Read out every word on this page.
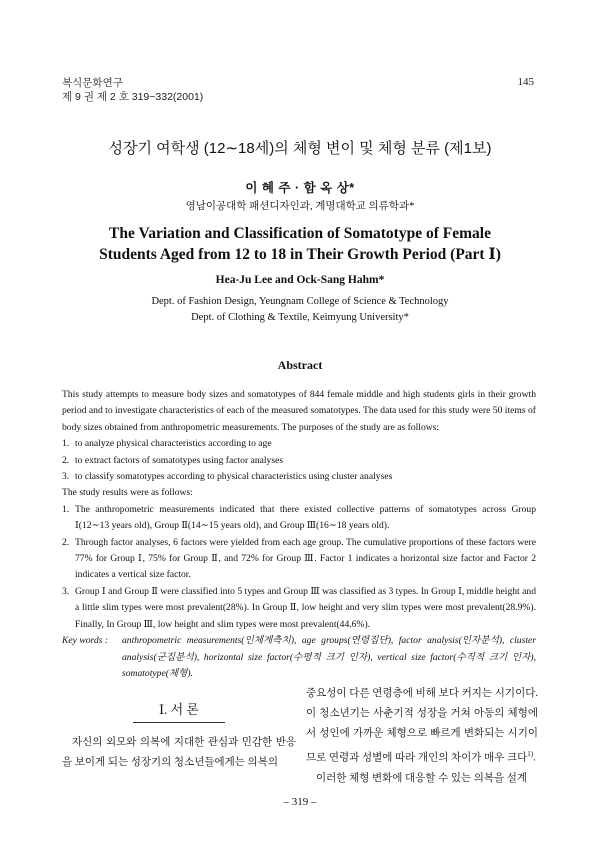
복식문화연구
제 9 권 제 2 호 319~332(2001)
145
성장기 여학생 (12∼18세)의 체형 변이 및 체형 분류 (제1보)
이 혜 주 · 함 옥 상*
영남이공대학 패션디자인과, 계명대학교 의류학과*
The Variation and Classification of Somatotype of Female
Students Aged from 12 to 18 in Their Growth Period (Part Ⅰ)
Hea-Ju Lee and Ock-Sang Hahm*
Dept. of Fashion Design, Yeungnam College of Science & Technology
Dept. of Clothing & Textile, Keimyung University*
Abstract

This study attempts to measure body sizes and somatotypes of 844 female middle and high students girls in their growth period and to investigate characteristics of each of the measured somatotypes. The data used for this study were 50 items of body sizes obtained from anthropometric measurements. The purposes of the study are as follows:

1. to analyze physical characteristics according to age
2. to extract factors of somatotypes using factor analyses
3. to classify somatotypes according to physical characteristics using cluster analyses

The study results were as follows:

1. The anthropometric measurements indicated that there existed collective patterns of somatotypes across Group Ⅰ(12∼13 years old), Group Ⅱ(14∼15 years old), and Group Ⅲ(16∼18 years old).
2. Through factor analyses, 6 factors were yielded from each age group. The cumulative proportions of these factors were 77% for Group Ⅰ, 75% for Group Ⅱ, and 72% for Group Ⅲ. Factor 1 indicates a horizontal size factor and Factor 2 indicates a vertical size factor.
3. Group Ⅰ and Group Ⅱ were classified into 5 types and Group Ⅲ was classified as 3 types. In Group Ⅰ, middle height and a little slim types were most prevalent(28%). In Group Ⅱ, low height and very slim types were most prevalent(28.9%). Finally, In Group Ⅲ, low height and slim types were most prevalent(44.6%).
Key words :	anthropometric measurements(인체계측치), age groups(연령집단), factor analysis(인자분석), cluster analysis(군집분석), horizontal size factor(수평적 크기 인자), vertical size factor(수직적 크기 인자), somatotype(체형).
Ⅰ. 서 론

자신의 외모와 의복에 지대한 관심과 민감한 반응을 보이게 되는 성장기의 청소년들에게는 의복의

중요성이 다른 연령층에 비해 보다 커지는 시기이다. 이 청소년기는 사춘기적 성장을 거쳐 아동의 체형에서 성인에 가까운 체형으로 빠르게 변화되는 시기이므로 연령과 성별에 따라 개인의 차이가 매우 크다$^{1)}$.

이러한 체형 변화에 대응할 수 있는 의복을 설계

– 319 –
